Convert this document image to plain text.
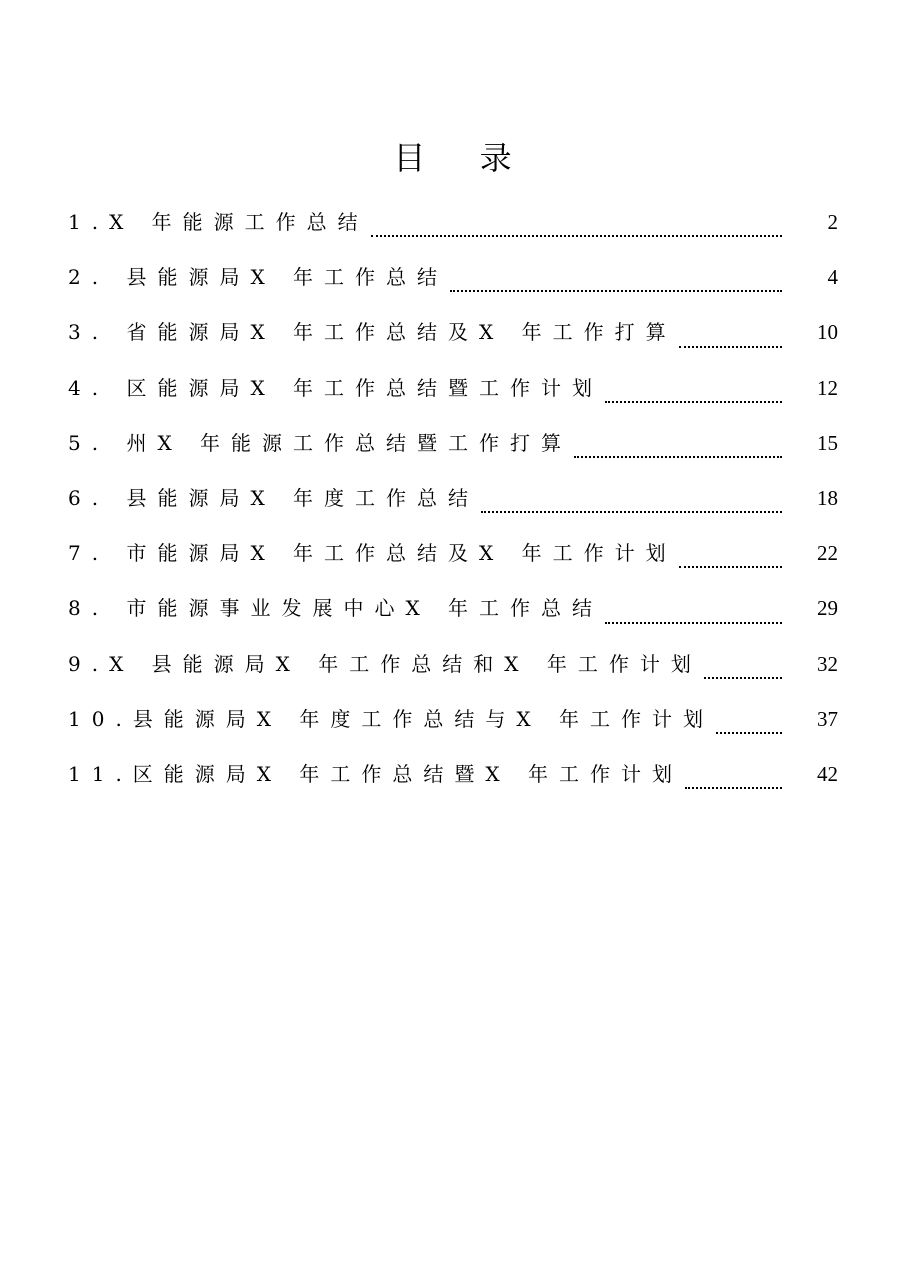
目 录
1.X 年能源工作总结	2
2. 县能源局X 年工作总结	4
3. 省能源局X 年工作总结及X 年工作打算	10
4. 区能源局X 年工作总结暨工作计划	12
5. 州X 年能源工作总结暨工作打算	15
6. 县能源局X 年度工作总结	18
7. 市能源局X 年工作总结及X 年工作计划	22
8. 市能源事业发展中心X 年工作总结	29
9.X 县能源局X 年工作总结和X 年工作计划	32
10.县能源局X 年度工作总结与X 年工作计划	37
11.区能源局X 年工作总结暨X 年工作计划	42
